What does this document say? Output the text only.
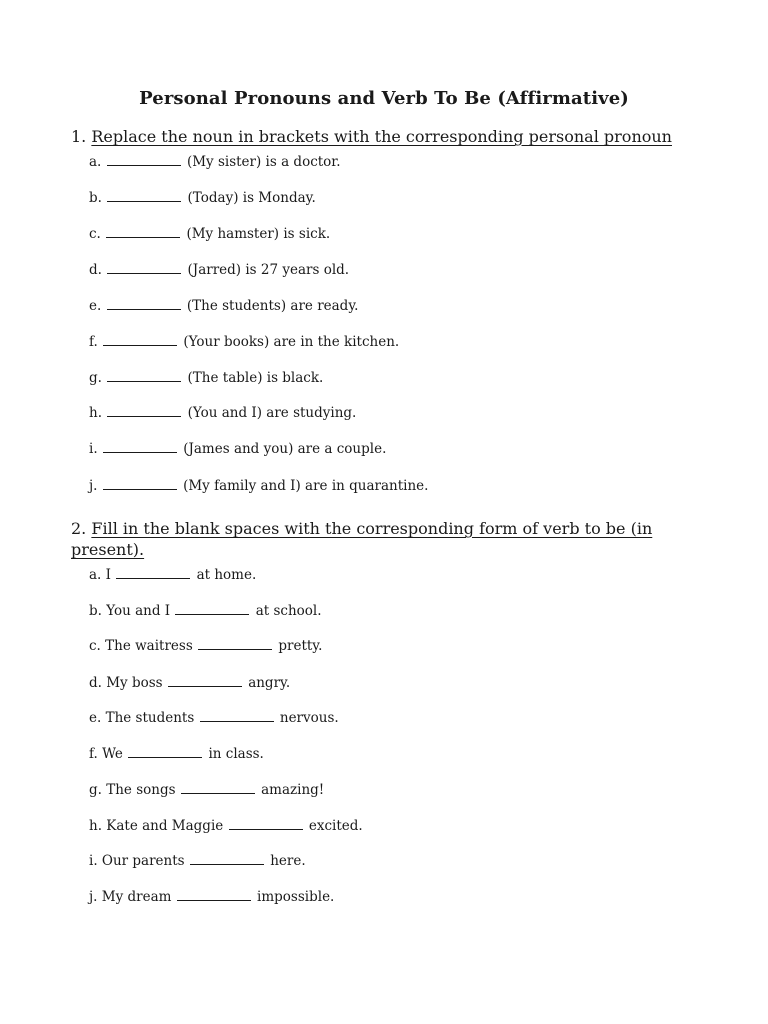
Personal Pronouns and Verb To Be (Affirmative)
1. Replace the noun in brackets with the corresponding personal pronoun
a.	(My sister) is a doctor.
b.	(Today) is Monday.
c.	(My hamster) is sick.
d.	(Jarred) is 27 years old.
e.	(The students) are ready.
f.	(Your books) are in the kitchen.
g.	(The table) is black.
h.	(You and I) are studying.
i.	(James and you) are a couple.
j.	(My family and I) are in quarantine.
2. Fill in the blank spaces with the corresponding form of verb to be (in present).
a. I	at home.
b. You and I	at school.
c. The waitress	pretty.
d. My boss	angry.
e. The students	nervous.
f. We	in class.
g. The songs	amazing!
h. Kate and Maggie	excited.
i. Our parents	here.
j. My dream	impossible.
